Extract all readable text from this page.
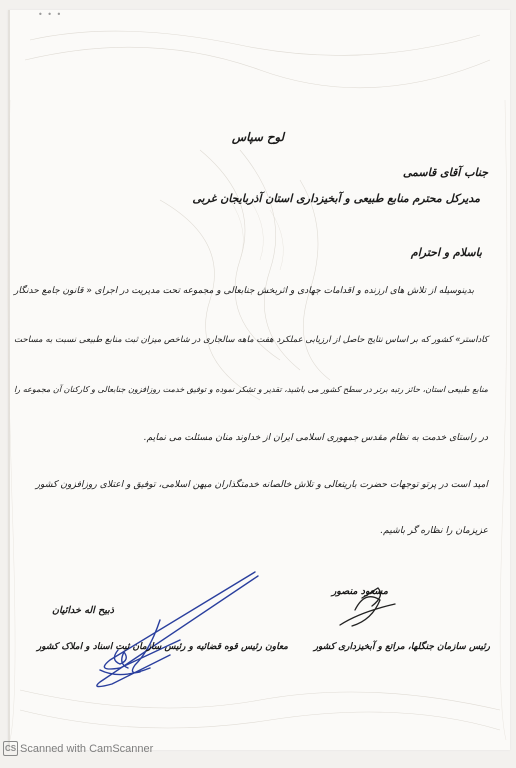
• • •
لوح سپاس
جناب آقای قاسمی
مدیرکل محترم منابع طبیعی و آبخیزداری استان آذربایجان غربی
باسلام و احترام
بدینوسیله از تلاش های ارزنده و اقدامات جهادی و اثربخش جنابعالی و مجموعه تحت مدیریت در اجرای « قانون جامع حدنگار
کاداستر» کشور که بر اساس نتایج حاصل از ارزیابی عملکرد هفت ماهه سالجاری در شاخص میزان ثبت منابع طبیعی نسبت به مساحت
منابع طبیعی استان، حائز رتبه برتر در سطح کشور می باشید، تقدیر و تشکر نموده و توفیق خدمت روزافزون جنابعالی و کارکنان آن مجموعه را
در راستای خدمت به نظام مقدس جمهوری اسلامی ایران از خداوند منان مسئلت می نمایم.
امید است در پرتو توجهات حضرت باریتعالی و تلاش خالصانه خدمتگذاران میهن اسلامی، توفیق و اعتلای روزافزون کشور
عزیزمان را نظاره گر باشیم.
ذبیح اله خدائیان
معاون رئیس قوه قضائیه و رئیس سازمان ثبت اسناد و املاک کشور
مسعود منصور
رئیس سازمان جنگلها، مراتع و آبخیزداری کشور
CS Scanned with CamScanner
